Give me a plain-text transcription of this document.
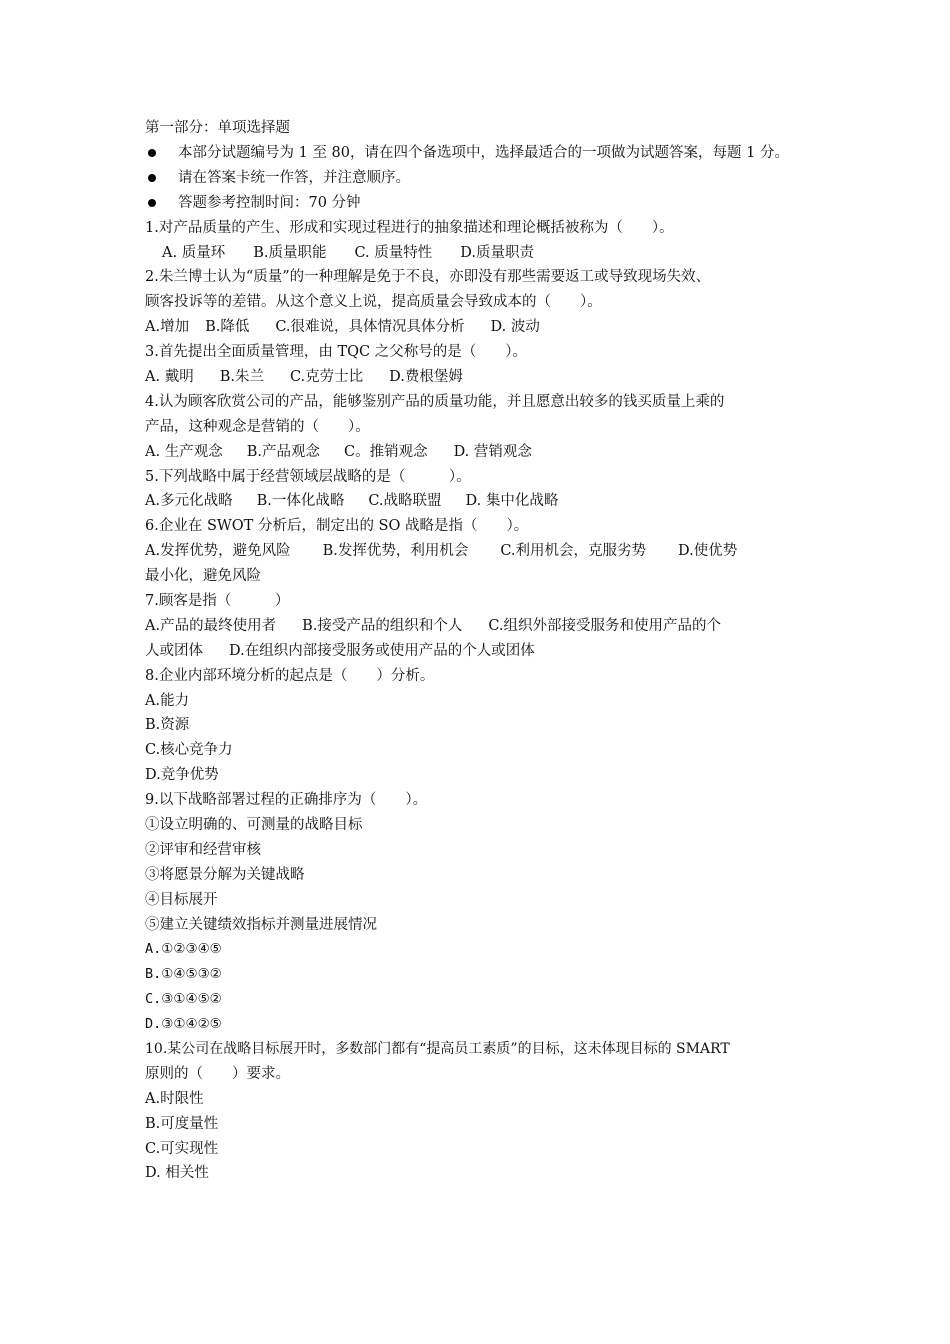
第一部分：单项选择题
本部分试题编号为 1 至 80，请在四个备选项中，选择最适合的一项做为试题答案，每题 1 分。
请在答案卡统一作答，并注意顺序。
答题参考控制时间：70 分钟
1.对产品质量的产生、形成和实现过程进行的抽象描述和理论概括被称为（　　）。
A. 质量环 B.质量职能 C. 质量特性 D.质量职责
2.朱兰博士认为“质量”的一种理解是免于不良，亦即没有那些需要返工或导致现场失效、
顾客投诉等的差错。从这个意义上说，提高质量会导致成本的（　　）。
A.增加 B.降低 C.很难说，具体情况具体分析 D. 波动
3.首先提出全面质量管理，由 TQC 之父称号的是（　　）。
A. 戴明 B.朱兰 C.克劳士比 D.费根堡姆
4.认为顾客欣赏公司的产品，能够鉴别产品的质量功能，并且愿意出较多的钱买质量上乘的
产品，这种观念是营销的（　　）。
A. 生产观念 B.产品观念 C。推销观念 D. 营销观念
5.下列战略中属于经营领域层战略的是（　　　）。
A.多元化战略 B.一体化战略 C.战略联盟 D. 集中化战略
6.企业在 SWOT 分析后，制定出的 SO 战略是指（　　）。
A.发挥优势，避免风险 B.发挥优势，利用机会 C.利用机会，克服劣势 D.使优势
最小化，避免风险
7.顾客是指（　　　）
A.产品的最终使用者 B.接受产品的组织和个人 C.组织外部接受服务和使用产品的个
人或团体 D.在组织内部接受服务或使用产品的个人或团体
8.企业内部环境分析的起点是（　　）分析。
A.能力
B.资源
C.核心竞争力
D.竞争优势
9.以下战略部署过程的正确排序为（　　）。
①设立明确的、可测量的战略目标
②评审和经营审核
③将愿景分解为关键战略
④目标展开
⑤建立关键绩效指标并测量进展情况
A.①②③④⑤
B.①④⑤③②
C.③①④⑤②
D.③①④②⑤
10.某公司在战略目标展开时，多数部门都有“提高员工素质”的目标，这未体现目标的 SMART
原则的（　　）要求。
A.时限性
B.可度量性
C.可实现性
D. 相关性
